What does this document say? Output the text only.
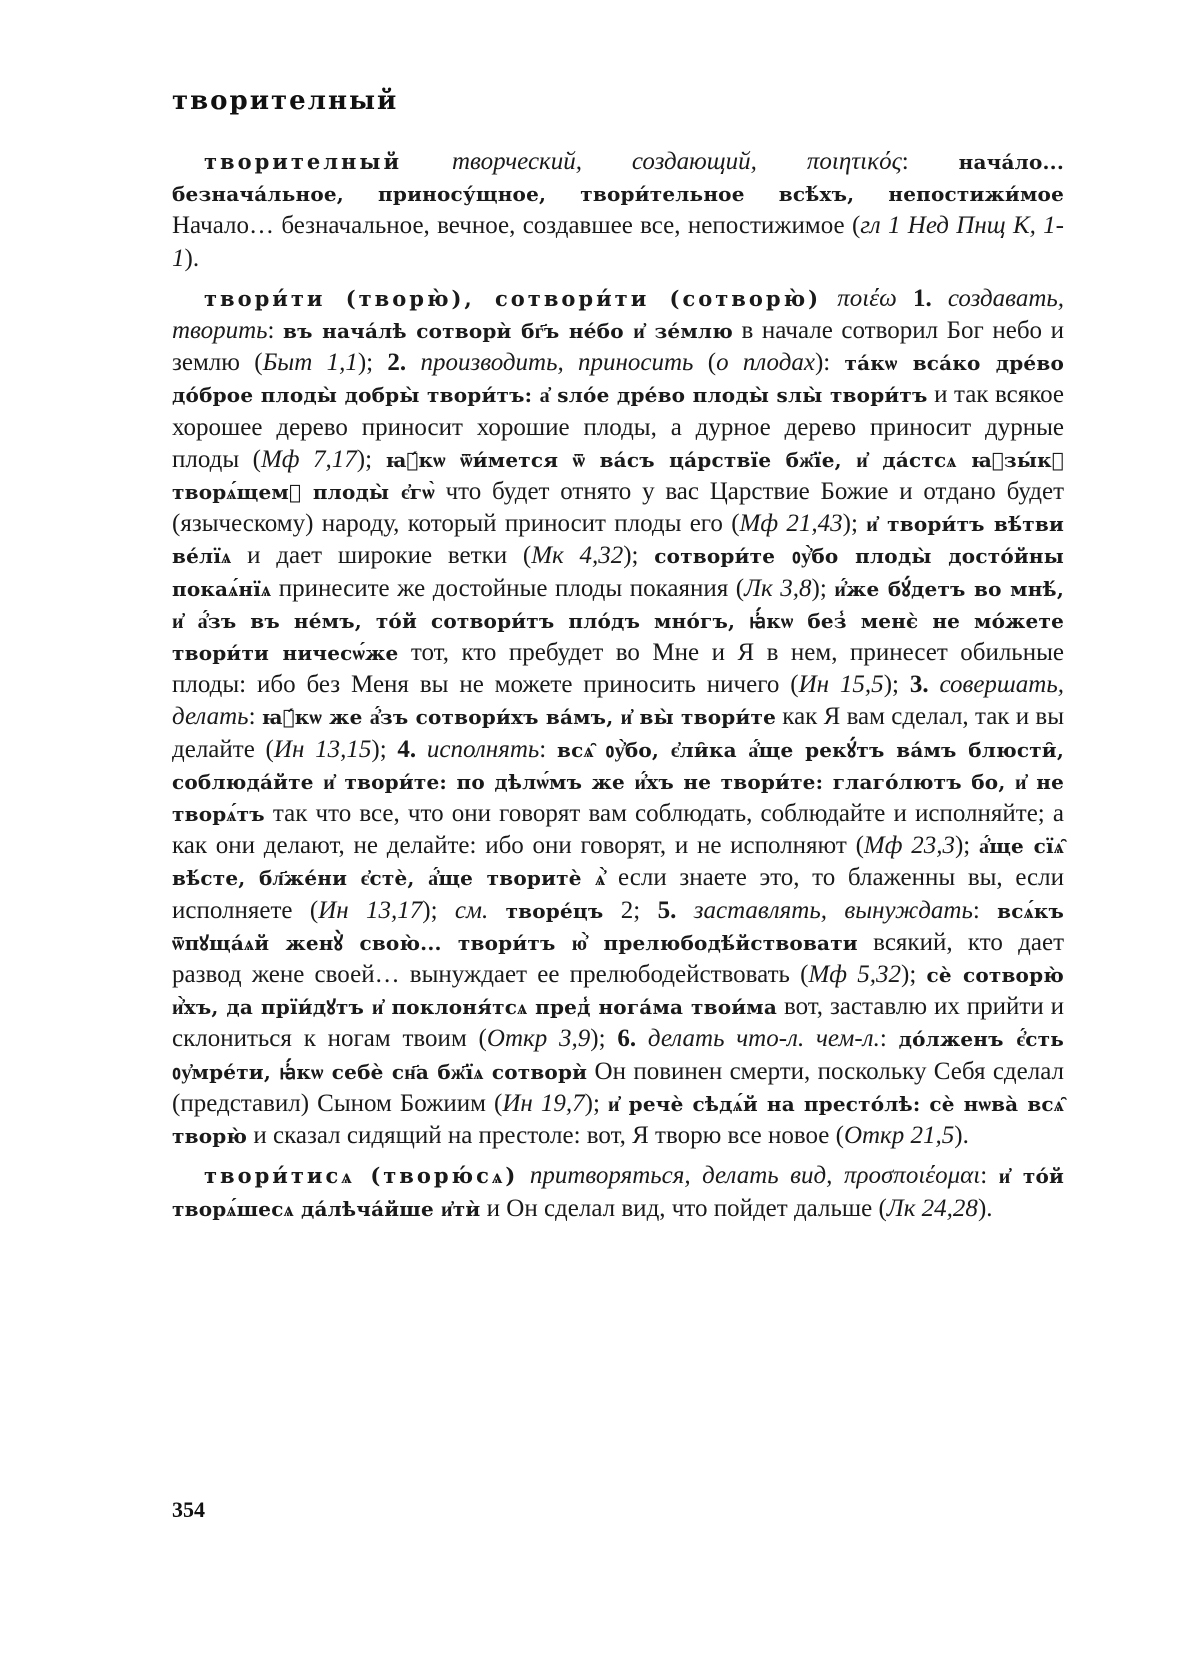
творителный

творителный творческий, создающий, ποιητικός: нача́ло... безнача́льное, приносу́щное, твори́тельное всѣ́хъ, непостижи́мое Начало… безначальное, вечное, создавшее все, непостижимое (гл 1 Нед Пнщ К, 1-1).

твори́ти (творю̀), сотвори́ти (сотворю̀) ποιέω 1. создавать, творить: въ нача́лѣ сотворѝ бг҃ъ не́бо и҆ зе́млю в начале сотворил Бог небо и землю (Быт 1,1); 2. производить, приносить (о плодах): та́кѡ вса́ко дре́во до́брое плоды̀ добры̀ твори́тъ: а҆ ѕло́е дре́во плоды̀ ѕлы̀ твори́тъ и так всякое хорошее дерево приносит хорошие плоды, а дурное дерево приносит дурные плоды (Мф 7,17); ꙗ҆́кѡ ѿи́мется ѿ ва́съ ца́рствїе бж҃їе, и҆ да́стсѧ ꙗ҆зы́кꙋ творѧ́щемꙋ плоды̀ є҆гѡ̀ что будет отнято у вас Царствие Божие и отдано будет (языческому) народу, который приносит плоды его (Мф 21,43); и҆ твори́тъ вѣ́тви ве́лїѧ и дает широкие ветки (Мк 4,32); сотвори́те ᲂу҆̀бо плоды̀ досто́йны покаѧ́нїѧ принесите же достойные плоды покаяния (Лк 3,8); и҆́же бꙋ́детъ во мнѣ́, и҆ а҆́зъ въ не́мъ, то́й сотвори́тъ пло́дъ мно́гъ, ꙗ҆́кѡ без̾ менє̀ не мо́жете твори́ти ничесѡ́же тот, кто пребудет во Мне и Я в нем, принесет обильные плоды: ибо без Меня вы не можете приносить ничего (Ин 15,5); 3. совершать, делать: ꙗ҆́кѡ же а҆́зъ сотвори́хъ ва́мъ, и҆ вы̀ твори́те как Я вам сделал, так и вы делайте (Ин 13,15); 4. исполнять: всѧ̑ ᲂу҆̀бо, є҆ли̑ка а҆́ще рекꙋ́тъ ва́мъ блюсти̑, соблюда́йте и҆ твори́те: по дѣлѡ́мъ же и҆́хъ не твори́те: глаго́лютъ бо, и҆ не творѧ́тъ так что все, что они говорят вам соблюдать, соблюдайте и исполняйте; а как они делают, не делайте: ибо они говорят, и не исполняют (Мф 23,3); а҆́ще сїѧ̑ вѣ́сте, бл҃же́ни є҆стѐ, а҆́ще творитѐ ѧ҆̀ если знаете это, то блаженны вы, если исполняете (Ин 13,17); см. творе́цъ 2; 5. заставлять, вынуждать: всѧ́къ ѿпꙋща́ѧй женꙋ̀ свою̀... твори́тъ ю҆̀ прелюбодѣ́йствовати всякий, кто дает развод жене своей… вынуждает ее прелюбодействовать (Мф 5,32); сѐ сотворю̀ и҆̀хъ, да прїи́дꙋтъ и҆ поклоня́тсѧ пред̾ нога́ма твои́ма вот, заставлю их прийти и склониться к ногам твоим (Откр 3,9); 6. делать что-л. чем-л.: до́лженъ є҆́сть ᲂу҆мре́ти, ꙗ҆́кѡ себѐ сн҃а бж҃їѧ сотворѝ Он повинен смерти, поскольку Себя сделал (представил) Сыном Божиим (Ин 19,7); и҆ речѐ сѣдѧ́й на престо́лѣ: сѐ нѡва̀ всѧ̑ творю̀ и сказал сидящий на престоле: вот, Я творю все новое (Откр 21,5).

твори́тисѧ (творю́сѧ) притворяться, делать вид, προσποιέομαι: и҆ то́й творѧ́шесѧ да́лѣча́йше и҆тѝ и Он сделал вид, что пойдет дальше (Лк 24,28).

354
